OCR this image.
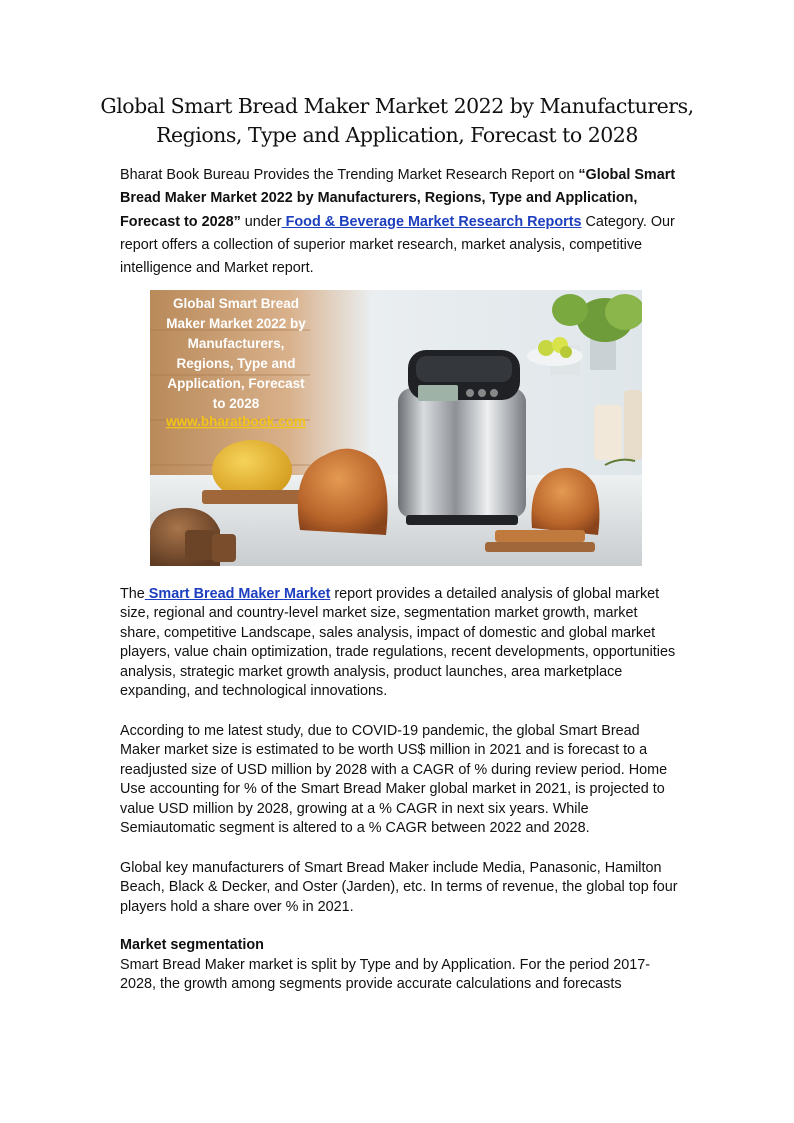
Global Smart Bread Maker Market 2022 by Manufacturers,
Regions, Type and Application, Forecast to 2028
Bharat Book Bureau Provides the Trending Market Research Report on “Global Smart Bread Maker Market 2022 by Manufacturers, Regions, Type and Application, Forecast to 2028” under Food & Beverage Market Research Reports Category. Our report offers a collection of superior market research, market analysis, competitive intelligence and Market report.
Global Smart Bread
Maker Market 2022 by
Manufacturers,
Regions, Type and
Application, Forecast
to 2028
www.bharatbook.com

The Smart Bread Maker Market report provides a detailed analysis of global market size, regional and country-level market size, segmentation market growth, market share, competitive Landscape, sales analysis, impact of domestic and global market players, value chain optimization, trade regulations, recent developments, opportunities analysis, strategic market growth analysis, product launches, area marketplace expanding, and technological innovations.

According to me latest study, due to COVID-19 pandemic, the global Smart Bread Maker market size is estimated to be worth US$ million in 2021 and is forecast to a readjusted size of USD million by 2028 with a CAGR of % during review period. Home Use accounting for % of the Smart Bread Maker global market in 2021, is projected to value USD million by 2028, growing at a % CAGR in next six years. While Semiautomatic segment is altered to a % CAGR between 2022 and 2028.

Global key manufacturers of Smart Bread Maker include Media, Panasonic, Hamilton Beach, Black & Decker, and Oster (Jarden), etc. In terms of revenue, the global top four players hold a share over % in 2021.

Market segmentation

Smart Bread Maker market is split by Type and by Application. For the period 2017-2028, the growth among segments provide accurate calculations and forecasts
